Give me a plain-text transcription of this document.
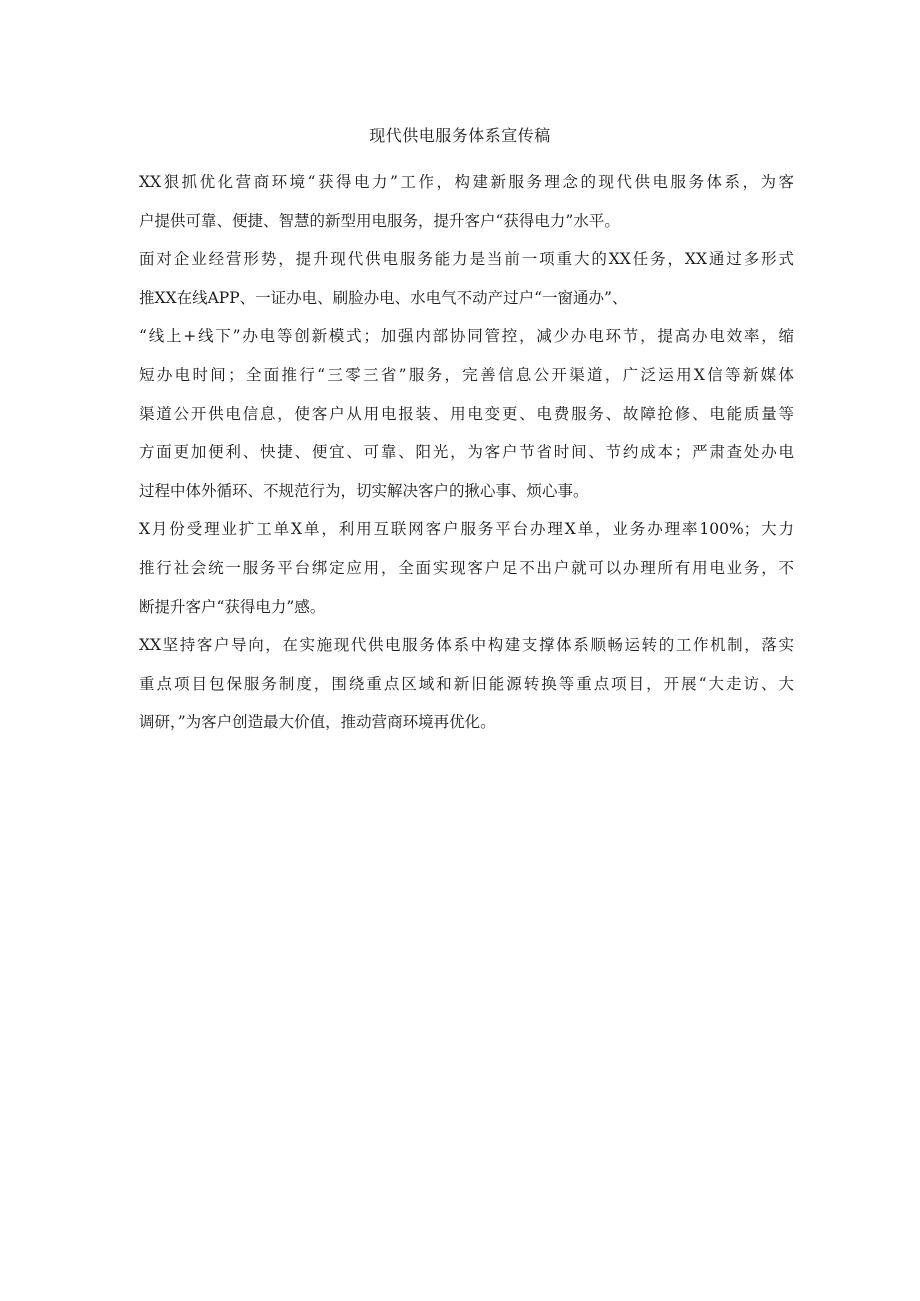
现代供电服务体系宣传稿
XX狠抓优化营商环境“获得电力”工作，构建新服务理念的现代供电服务体系，为客
户提供可靠、便捷、智慧的新型用电服务，提升客户“获得电力”水平。
面对企业经营形势，提升现代供电服务能力是当前一项重大的XX任务，XX通过多形式
推XX在线APP、一证办电、刷脸办电、水电气不动产过户“一窗通办”、
“线上+线下”办电等创新模式；加强内部协同管控，减少办电环节，提高办电效率，缩
短办电时间；全面推行“三零三省”服务，完善信息公开渠道，广泛运用X信等新媒体
渠道公开供电信息，使客户从用电报装、用电变更、电费服务、故障抢修、电能质量等
方面更加便利、快捷、便宜、可靠、阳光，为客户节省时间、节约成本；严肃查处办电
过程中体外循环、不规范行为，切实解决客户的揪心事、烦心事。
X月份受理业扩工单X单，利用互联网客户服务平台办理X单，业务办理率100%；大力
推行社会统一服务平台绑定应用，全面实现客户足不出户就可以办理所有用电业务，不
断提升客户“获得电力”感。
XX坚持客户导向，在实施现代供电服务体系中构建支撑体系顺畅运转的工作机制，落实
重点项目包保服务制度，围绕重点区域和新旧能源转换等重点项目，开展“大走访、大
调研，”为客户创造最大价值，推动营商环境再优化。
